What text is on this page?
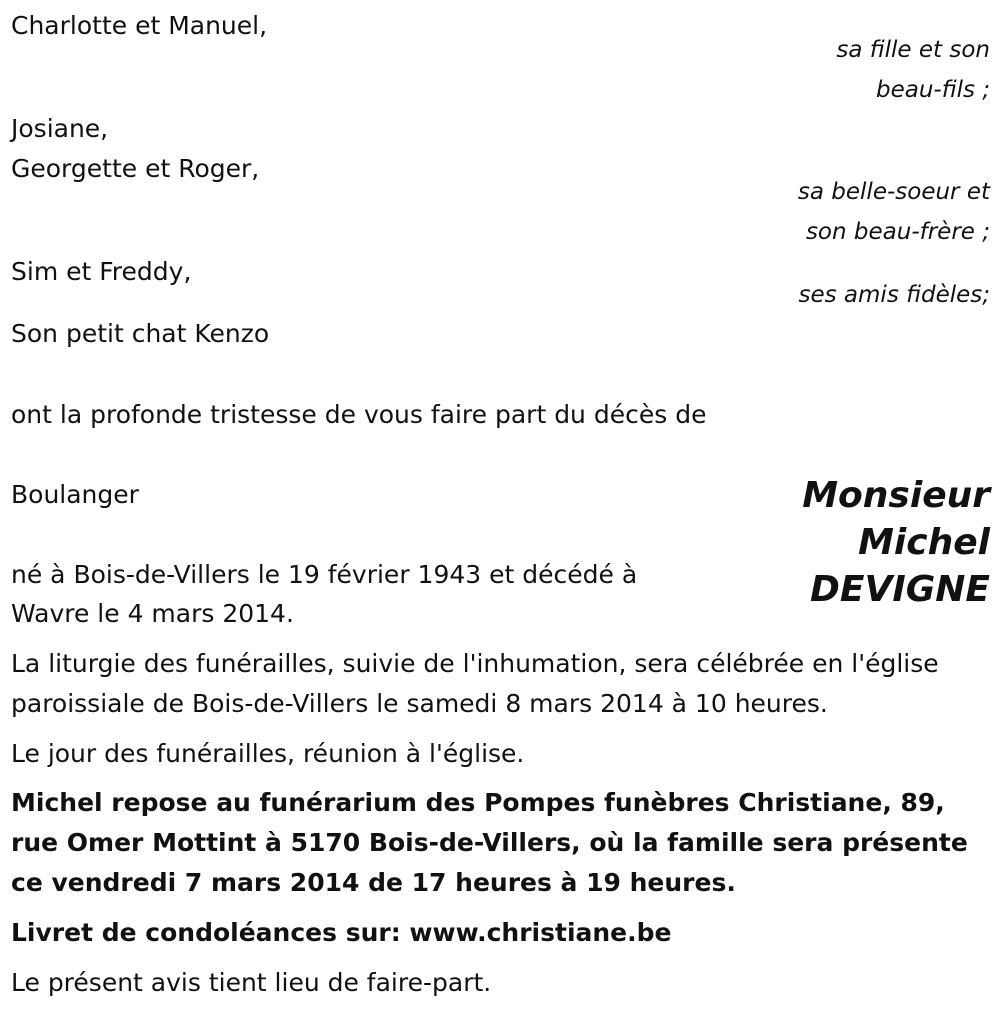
Charlotte et Manuel,
sa fille et son
beau-fils ;
Josiane,
Georgette et Roger,
sa belle-soeur et
son beau-frère ;
Sim et Freddy,
ses amis fidèles;
Son petit chat Kenzo
ont la profonde tristesse de vous faire part du décès de
Boulanger	Monsieur
Michel
DEVIGNE
né à Bois-de-Villers le 19 février 1943 et décédé à
Wavre le 4 mars 2014.
La liturgie des funérailles, suivie de l'inhumation, sera célébrée en l'église paroissiale de Bois-de-Villers le samedi 8 mars 2014 à 10 heures.
Le jour des funérailles, réunion à l'église.
Michel repose au funérarium des Pompes funèbres Christiane, 89, rue Omer Mottint à 5170 Bois-de-Villers, où la famille sera présente ce vendredi 7 mars 2014 de 17 heures à 19 heures.
Livret de condoléances sur: www.christiane.be
Le présent avis tient lieu de faire-part.
